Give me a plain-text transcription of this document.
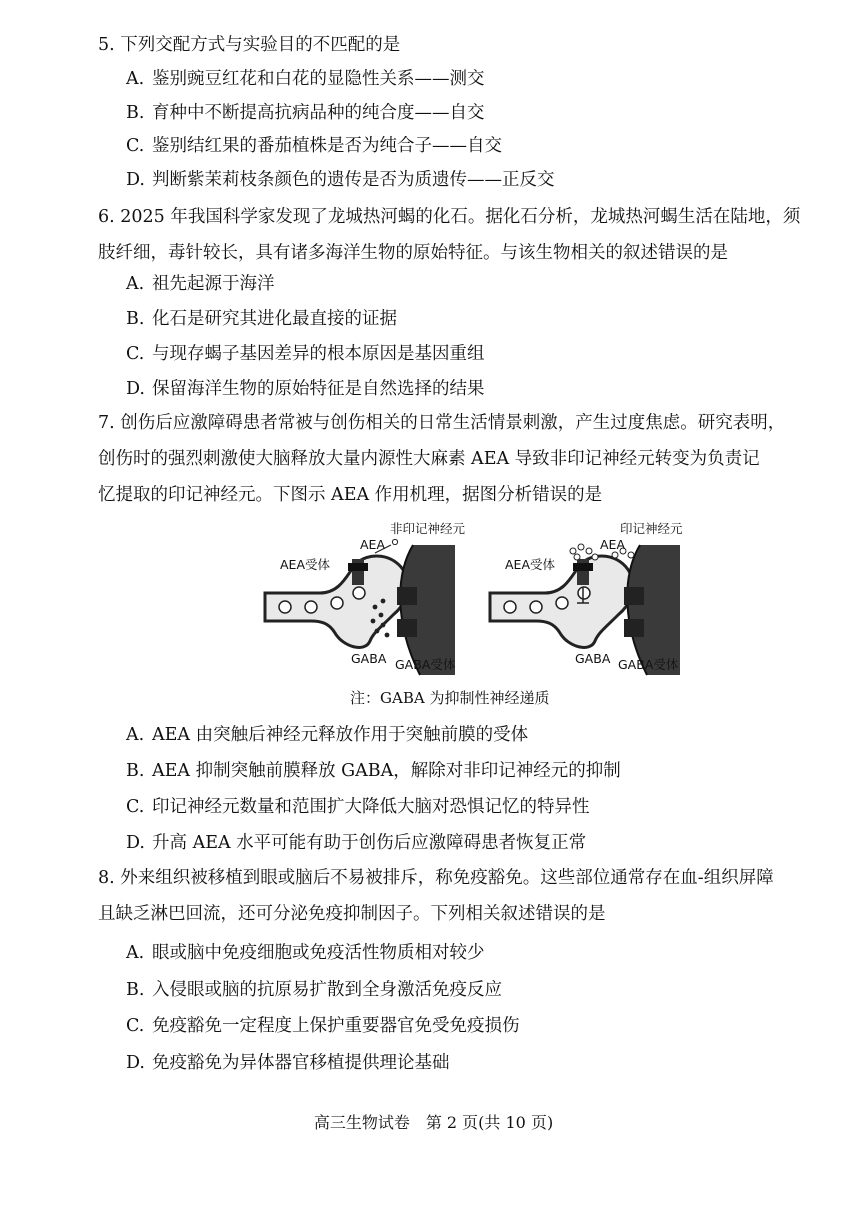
5. 下列交配方式与实验目的不匹配的是
A. 鉴别豌豆红花和白花的显隐性关系——测交
B. 育种中不断提高抗病品种的纯合度——自交
C. 鉴别结红果的番茄植株是否为纯合子——自交
D. 判断紫茉莉枝条颜色的遗传是否为质遗传——正反交
6. 2025 年我国科学家发现了龙城热河蝎的化石。据化石分析，龙城热河蝎生活在陆地，须
肢纤细，毒针较长，具有诸多海洋生物的原始特征。与该生物相关的叙述错误的是
A. 祖先起源于海洋
B. 化石是研究其进化最直接的证据
C. 与现存蝎子基因差异的根本原因是基因重组
D. 保留海洋生物的原始特征是自然选择的结果
7. 创伤后应激障碍患者常被与创伤相关的日常生活情景刺激，产生过度焦虑。研究表明，
创伤时的强烈刺激使大脑释放大量内源性大麻素 AEA 导致非印记神经元转变为负责记
忆提取的印记神经元。下图示 AEA 作用机理，据图分析错误的是
非印记神经元
AEA
AEA受体
GABA GABA受体
印记神经元
AEA
AEA受体
GABA GABA受体
注：GABA 为抑制性神经递质
A. AEA 由突触后神经元释放作用于突触前膜的受体
B. AEA 抑制突触前膜释放 GABA，解除对非印记神经元的抑制
C. 印记神经元数量和范围扩大降低大脑对恐惧记忆的特异性
D. 升高 AEA 水平可能有助于创伤后应激障碍患者恢复正常
8. 外来组织被移植到眼或脑后不易被排斥，称免疫豁免。这些部位通常存在血-组织屏障
且缺乏淋巴回流，还可分泌免疫抑制因子。下列相关叙述错误的是
A. 眼或脑中免疫细胞或免疫活性物质相对较少
B. 入侵眼或脑的抗原易扩散到全身激活免疫反应
C. 免疫豁免一定程度上保护重要器官免受免疫损伤
D. 免疫豁免为异体器官移植提供理论基础
高三生物试卷　第 2 页(共 10 页)
